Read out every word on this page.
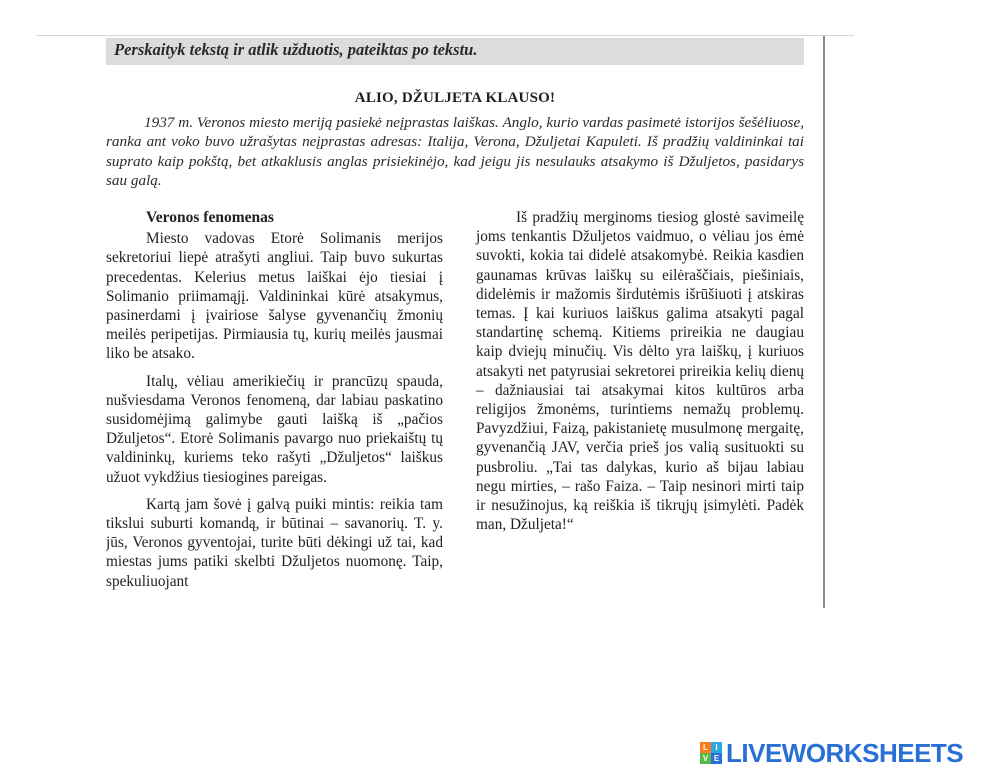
Perskaityk tekstą ir atlik užduotis, pateiktas po tekstu.
ALIO, DŽULJETA KLAUSO!
1937 m. Veronos miesto meriją pasiekė neįprastas laiškas. Anglo, kurio vardas pasimetė istorijos šešėliuose, ranka ant voko buvo užrašytas neįprastas adresas: Italija, Verona, Džuljetai Kapuleti. Iš pradžių valdininkai tai suprato kaip pokštą, bet atkaklusis anglas prisiekinėjo, kad jeigu jis nesulauks atsakymo iš Džuljetos, pasidarys sau galą.
Veronos fenomenas

Miesto vadovas Etorė Solimanis merijos sekretoriui liepė atrašyti angliui. Taip buvo sukurtas precedentas. Kelerius metus laiškai ėjo tiesiai į Solimanio priimamąjį. Valdininkai kūrė atsakymus, pasinerdami į įvairiose šalyse gyvenančių žmonių meilės peripetijas. Pirmiausia tų, kurių meilės jausmai liko be atsako.

Italų, vėliau amerikiečių ir prancūzų spauda, nušviesdama Veronos fenomeną, dar labiau paskatino susidomėjimą galimybe gauti laišką iš „pačios Džuljetos“. Etorė Solimanis pavargo nuo priekaištų tų valdininkų, kuriems teko rašyti „Džuljetos“ laiškus užuot vykdžius tiesiogines pareigas.

Kartą jam šovė į galvą puiki mintis: reikia tam tikslui suburti komandą, ir būtinai – savanorių. T. y. jūs, Veronos gyventojai, turite būti dėkingi už tai, kad miestas jums patiki skelbti Džuljetos nuomonę. Taip, spekuliuojant

Iš pradžių merginoms tiesiog glostė savimeilę joms tenkantis Džuljetos vaidmuo, o vėliau jos ėmė suvokti, kokia tai didelė atsakomybė. Reikia kasdien gaunamas krūvas laiškų su eilėraščiais, piešiniais, didelėmis ir mažomis širdutėmis išrūšiuoti į atskiras temas. Į kai kuriuos laiškus galima atsakyti pagal standartinę schemą. Kitiems prireikia ne daugiau kaip dviejų minučių. Vis dėlto yra laiškų, į kuriuos atsakyti net patyrusiai sekretorei prireikia kelių dienų – dažniausiai tai atsakymai kitos kultūros arba religijos žmonėms, turintiems nemažų problemų. Pavyzdžiui, Faizą, pakistanietę musulmonę mergaitę, gyvenančią JAV, verčia prieš jos valią susituokti su pusbroliu. „Tai tas dalykas, kurio aš bijau labiau negu mirties, – rašo Faiza. – Taip nesinori mirti taip ir nesužinojus, ką reiškia iš tikrųjų įsimylėti. Padėk man, Džuljeta!“

L I
V E LIVEWORKSHEETS
